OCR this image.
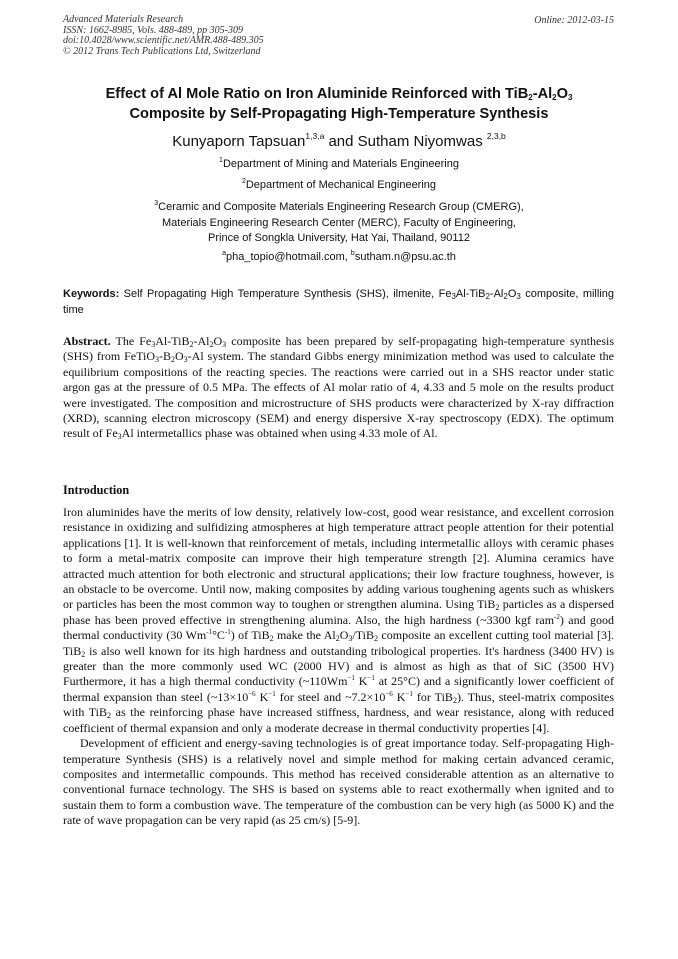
Advanced Materials Research
ISSN: 1662-8985, Vols. 488-489, pp 305-309
doi:10.4028/www.scientific.net/AMR.488-489.305
© 2012 Trans Tech Publications Ltd, Switzerland
Online: 2012-03-15
Effect of Al Mole Ratio on Iron Aluminide Reinforced with $TiB_2-Al_2O_3$
Composite by Self-Propagating High-Temperature Synthesis
Kunyaporn Tapsuan$^{1,3,a}$ and Sutham Niyomwas $^{2,3,b}$
$^1$Department of Mining and Materials Engineering
$^2$Department of Mechanical Engineering
$^3$Ceramic and Composite Materials Engineering Research Group (CMERG),
Materials Engineering Research Center (MERC), Faculty of Engineering,
Prince of Songkla University, Hat Yai, Thailand, 90112
$^a$pha_topio@hotmail.com, $^b$sutham.n@psu.ac.th
Keywords: Self Propagating High Temperature Synthesis (SHS), ilmenite, $Fe_3Al-TiB_2-Al_2O_3$ composite, milling time
Abstract. The $Fe_3Al-TiB_2-Al_2O_3$ composite has been prepared by self-propagating high-temperature synthesis (SHS) from $FeTiO_3-B_2O_3-Al$ system. The standard Gibbs energy minimization method was used to calculate the equilibrium compositions of the reacting species. The reactions were carried out in a SHS reactor under static argon gas at the pressure of 0.5 MPa. The effects of Al molar ratio of 4, 4.33 and 5 mole on the results product were investigated. The composition and microstructure of SHS products were characterized by X-ray diffraction (XRD), scanning electron microscopy (SEM) and energy dispersive X-ray spectroscopy (EDX). The optimum result of $Fe_3Al$ intermetallics phase was obtained when using 4.33 mole of Al.
Introduction

Iron aluminides have the merits of low density, relatively low-cost, good wear resistance, and excellent corrosion resistance in oxidizing and sulfidizing atmospheres at high temperature attract people attention for their potential applications [1]. It is well-known that reinforcement of metals, including intermetallic alloys with ceramic phases to form a metal-matrix composite can improve their high temperature strength [2]. Alumina ceramics have attracted much attention for both electronic and structural applications; their low fracture toughness, however, is an obstacle to be overcome. Until now, making composites by adding various toughening agents such as whiskers or particles has been the most common way to toughen or strengthen alumina. Using TiB$_2$ particles as a dispersed phase has been proved effective in strengthening alumina. Also, the high hardness (~3300 kgf ram$^{-2}$) and good thermal conductivity (30 $Wm^{-1}^\circ C^{-1}$) of TiB$_2$ make the $Al_2O_3/TiB_2$ composite an excellent cutting tool material [3]. TiB$_2$ is also well known for its high hardness and outstanding tribological properties. It's hardness (3400 HV) is greater than the more commonly used WC (2000 HV) and is almost as high as that of SiC (3500 HV) Furthermore, it has a high thermal conductivity ($\sim 110Wm^{-1}$ $K^{-1}$ at 25°C) and a significantly lower coefficient of thermal expansion than steel ($\sim 13\times 10^{-6}$ $K^{-1}$ for steel and $\sim 7.2\times 10^{-6}$ $K^{-1}$ for TiB$_2$). Thus, steel-matrix composites with TiB$_2$ as the reinforcing phase have increased stiffness, hardness, and wear resistance, along with reduced coefficient of thermal expansion and only a moderate decrease in thermal conductivity properties [4].

Development of efficient and energy-saving technologies is of great importance today. Self-propagating High-temperature Synthesis (SHS) is a relatively novel and simple method for making certain advanced ceramic, composites and intermetallic compounds. This method has received considerable attention as an alternative to conventional furnace technology. The SHS is based on systems able to react exothermally when ignited and to sustain them to form a combustion wave. The temperature of the combustion can be very high (as 5000 K) and the rate of wave propagation can be very rapid (as 25 cm/s) [5-9].
